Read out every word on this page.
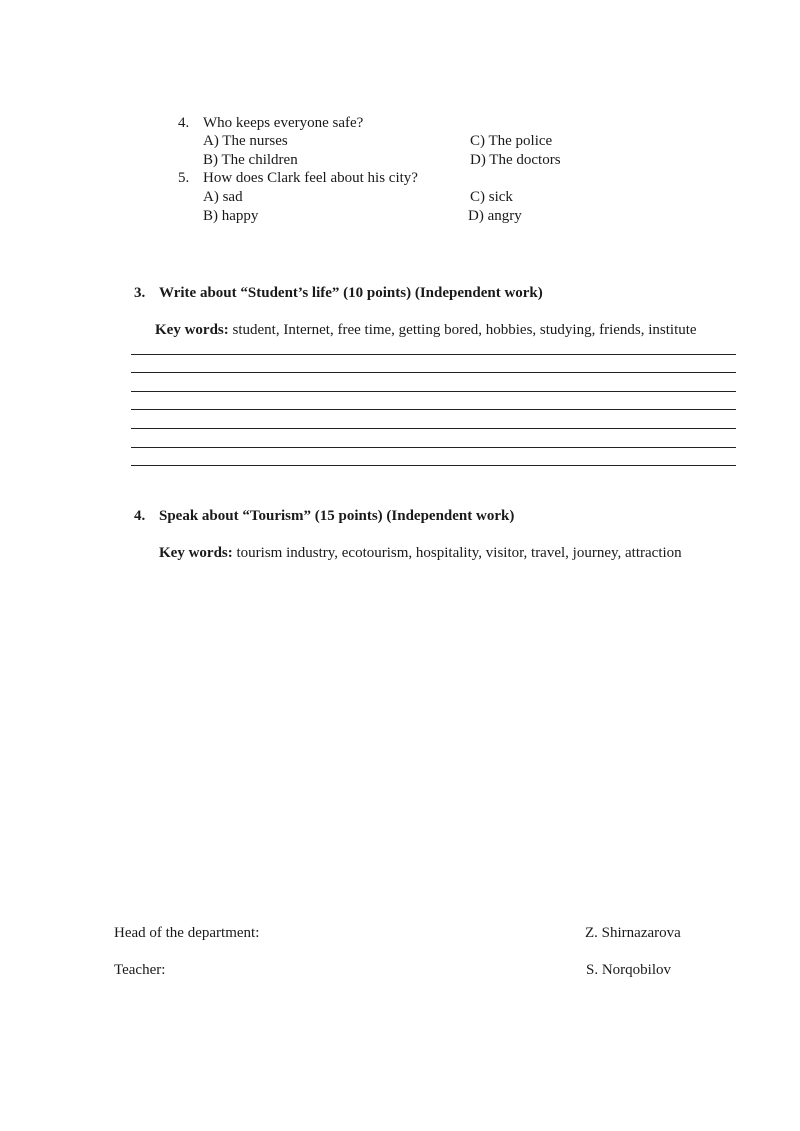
4. Who keeps everyone safe?
A) The nurses	C) The police
B) The children	D) The doctors
5. How does Clark feel about his city?
A) sad	C) sick
B) happy	D) angry
3. Write about “Student’s life” (10 points) (Independent work)
Key words: student, Internet, free time, getting bored, hobbies, studying, friends, institute
4. Speak about “Tourism” (15 points) (Independent work)
Key words: tourism industry, ecotourism, hospitality, visitor, travel, journey, attraction
Head of the department:	Z. Shirnazarova
Teacher:	S. Norqobilov
